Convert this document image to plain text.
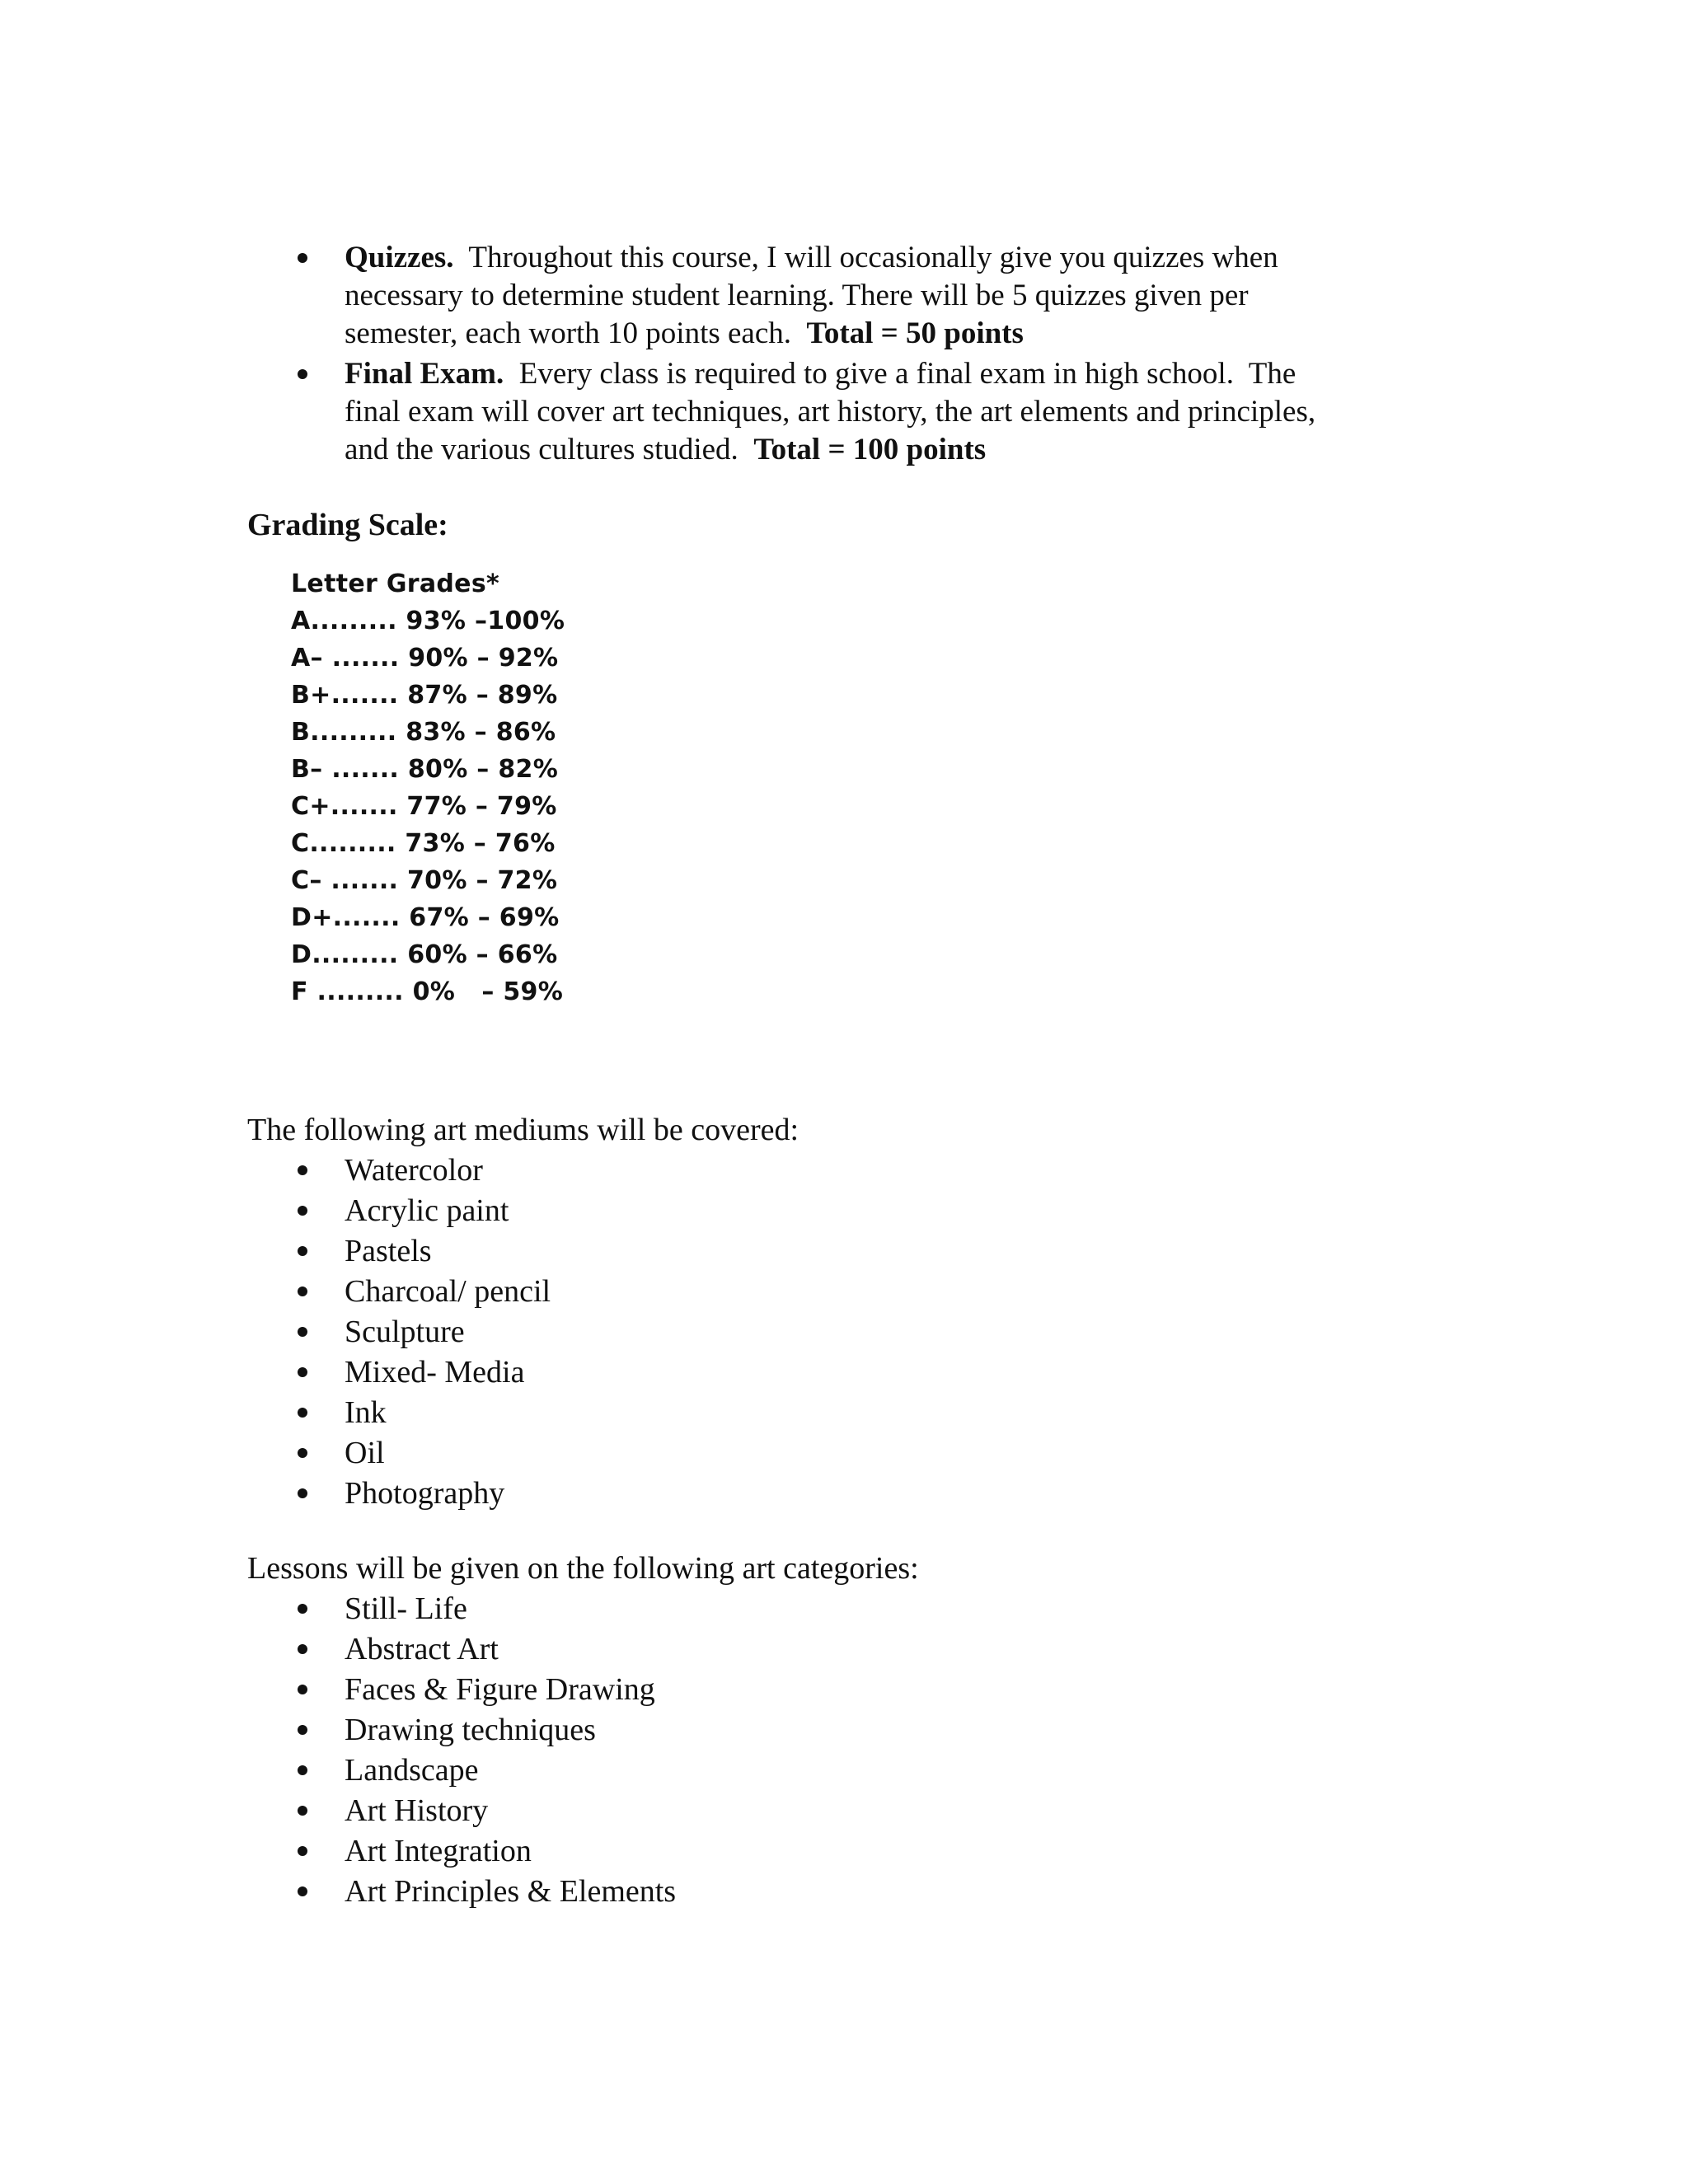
Quizzes.  Throughout this course, I will occasionally give you quizzes when
necessary to determine student learning. There will be 5 quizzes given per
semester, each worth 10 points each.  Total = 50 points
Final Exam.  Every class is required to give a final exam in high school.  The
final exam will cover art techniques, art history, the art elements and principles,
and the various cultures studied.  Total = 100 points
Grading Scale:
Letter Grades*
A ......... 93% –100%
A– ....... 90% – 92%
B+ ....... 87% – 89%
B ......... 83% – 86%
B– ....... 80% – 82%
C+ ....... 77% – 79%
C ......... 73% – 76%
C– ....... 70% – 72%
D+ ....... 67% – 69%
D ......... 60% – 66%
F ......... 0%   – 59%
The following art mediums will be covered:
Watercolor
Acrylic paint
Pastels
Charcoal/ pencil
Sculpture
Mixed- Media
Ink
Oil
Photography
Lessons will be given on the following art categories:
Still- Life
Abstract Art
Faces & Figure Drawing
Drawing techniques
Landscape
Art History
Art Integration
Art Principles & Elements
